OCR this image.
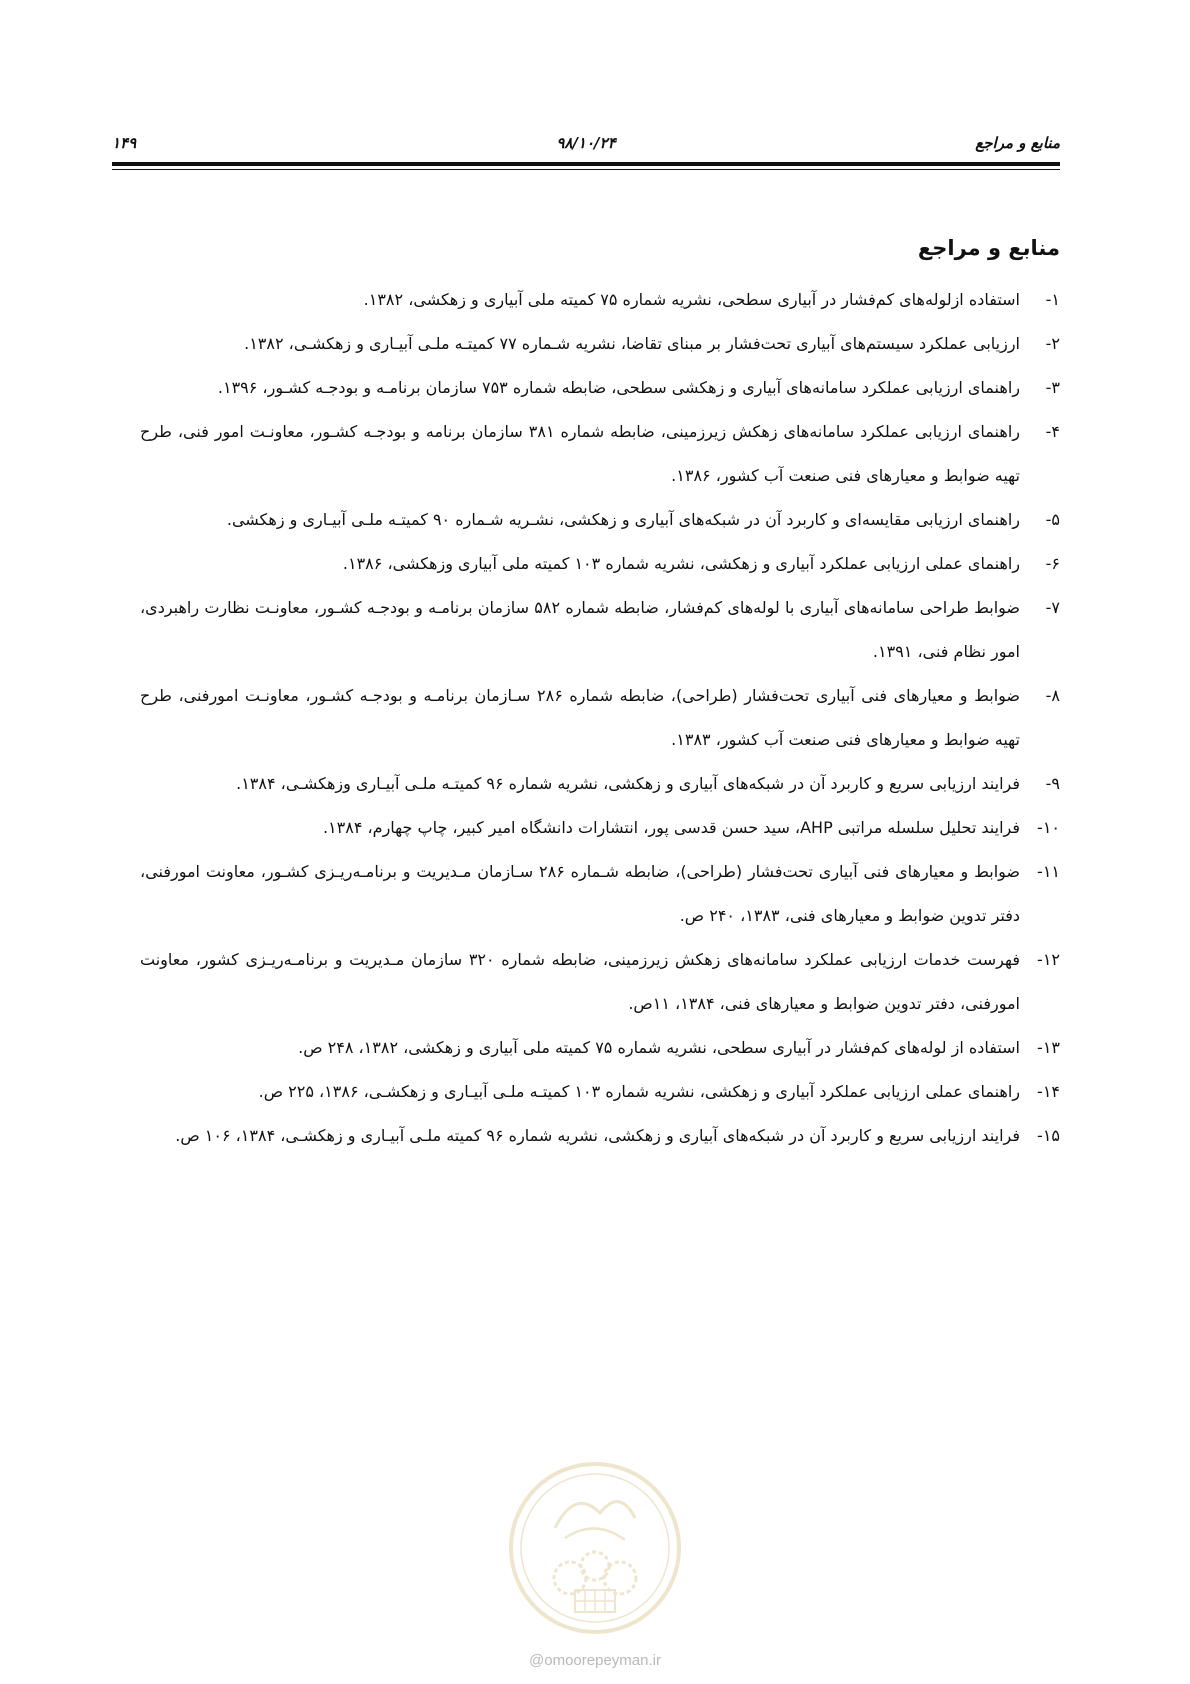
منابع و مراجع
۹۸/۱۰/۲۴
۱۴۹
منابع و مراجع
۱-
استفاده ازلوله‌های کم‌فشار در آبیاری سطحی، نشریه شماره ۷۵ کمیته ملی آبیاری و زهکشی، ۱۳۸۲.
۲-
ارزیابی عملکرد سیستم‌های آبیاری تحت‌فشار بر مبنای تقاضا، نشریه شـماره ۷۷ کمیتـه ملـی آبیـاری و زهکشـی، ۱۳۸۲.
۳-
راهنمای ارزیابی عملکرد سامانه‌های آبیاری و زهکشی سطحی، ضابطه شماره ۷۵۳ سازمان برنامـه و بودجـه کشـور، ۱۳۹۶.
۴-
راهنمای ارزیابی عملکرد سامانه‌های زهکش زیرزمینی، ضابطه شماره ۳۸۱ سازمان برنامه و بودجـه کشـور، معاونـت امور فنی، طرح تهیه ضوابط و معیارهای فنی صنعت آب کشور، ۱۳۸۶.
۵-
راهنمای ارزیابی مقایسه‌ای و کاربرد آن در شبکه‌های آبیاری و زهکشی، نشـریه شـماره ۹۰ کمیتـه ملـی آبیـاری و زهکشی.
۶-
راهنمای عملی ارزیابی عملکرد آبیاری و زهکشی، نشریه شماره ۱۰۳ کمیته ملی آبیاری وزهکشی، ۱۳۸۶.
۷-
ضوابط طراحی سامانه‌های آبیاری با لوله‌های کم‌فشار، ضابطه شماره ۵۸۲ سازمان برنامـه و بودجـه کشـور، معاونـت نظارت راهبردی، امور نظام فنی، ۱۳۹۱.
۸-
ضوابط و معیارهای فنی آبیاری تحت‌فشار (طراحی)، ضابطه شماره ۲۸۶ سـازمان برنامـه و بودجـه کشـور، معاونـت امورفنی، طرح تهیه ضوابط و معیارهای فنی صنعت آب کشور، ۱۳۸۳.
۹-
فرایند ارزیابی سریع و کاربرد آن در شبکه‌های آبیاری و زهکشی، نشریه شماره ۹۶ کمیتـه ملـی آبیـاری وزهکشـی، ۱۳۸۴.
۱۰-
فرایند تحلیل سلسله مراتبی AHP، سید حسن قدسی پور، انتشارات دانشگاه امیر کبیر، چاپ چهارم، ۱۳۸۴.
۱۱-
ضوابط و معیارهای فنی آبیاری تحت‌فشار (طراحی)، ضابطه شـماره ۲۸۶ سـازمان مـدیریت و برنامـه‌ریـزی کشـور، معاونت امورفنی، دفتر تدوین ضوابط و معیارهای فنی، ۱۳۸۳، ۲۴۰ ص.
۱۲-
فهرست خدمات ارزیابی عملکرد سامانه‌های زهکش زیرزمینی، ضابطه شماره ۳۲۰ سازمان مـدیریت و برنامـه‌ریـزی کشور، معاونت امورفنی، دفتر تدوین ضوابط و معیارهای فنی، ۱۳۸۴، ۱۱ص.
۱۳-
استفاده از لوله‌های کم‌فشار در آبیاری سطحی، نشریه شماره ۷۵ کمیته ملی آبیاری و زهکشی، ۱۳۸۲، ۲۴۸ ص.
۱۴-
راهنمای عملی ارزیابی عملکرد آبیاری و زهکشی، نشریه شماره ۱۰۳ کمیتـه ملـی آبیـاری و زهکشـی، ۱۳۸۶، ۲۲۵ ص.
۱۵-
فرایند ارزیابی سریع و کاربرد آن در شبکه‌های آبیاری و زهکشی، نشریه شماره ۹۶ کمیته ملـی آبیـاری و زهکشـی، ۱۳۸۴، ۱۰۶ ص.
@omoorepeyman.ir
